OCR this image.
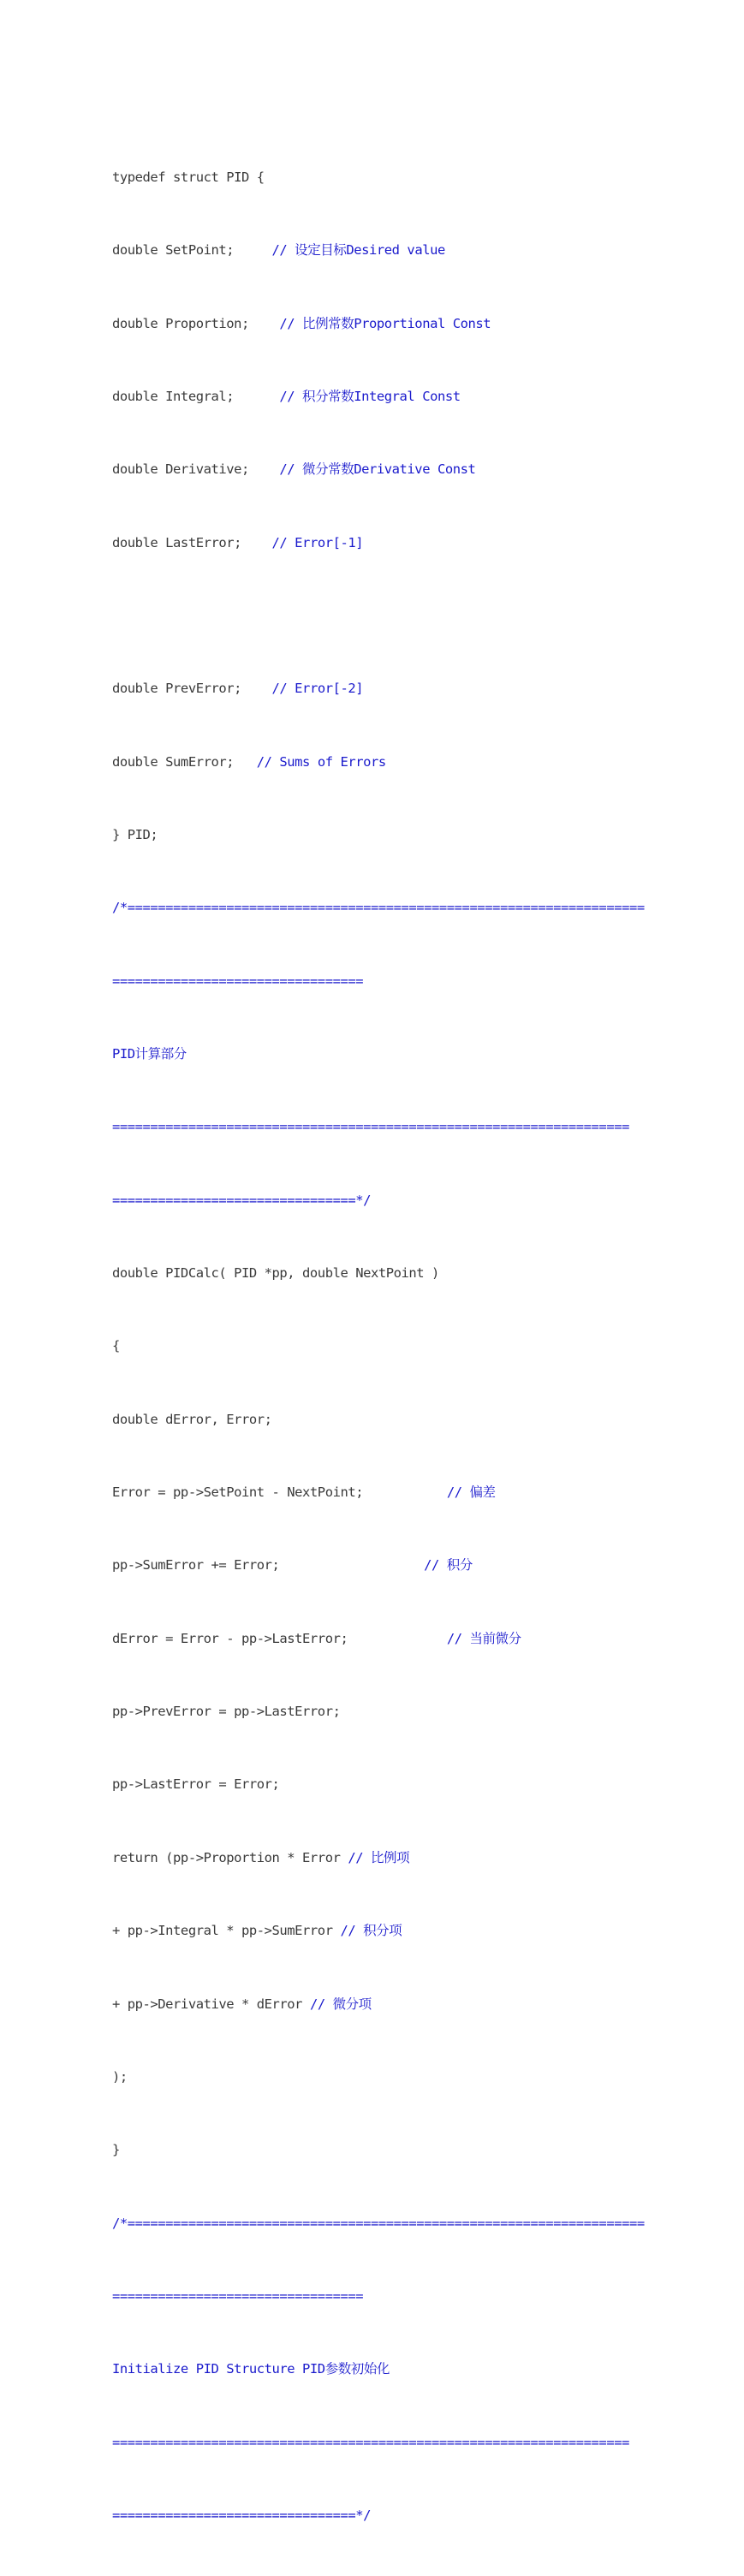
typedef struct PID {

double SetPoint;     // 设定目标Desired value

double Proportion;    // 比例常数Proportional Const

double Integral;      // 积分常数Integral Const

double Derivative;    // 微分常数Derivative Const

double LastError;    // Error[-1]

double PrevError;    // Error[-2]

double SumError;   // Sums of Errors

} PID;

/*====================================================================

=================================

PID计算部分

====================================================================

================================*/

double PIDCalc( PID *pp, double NextPoint )

{

double dError, Error;

Error = pp->SetPoint - NextPoint;           // 偏差

pp->SumError += Error;                   // 积分

dError = Error - pp->LastError;             // 当前微分

pp->PrevError = pp->LastError;

pp->LastError = Error;

return (pp->Proportion * Error // 比例项

+ pp->Integral * pp->SumError // 积分项

+ pp->Derivative * dError // 微分项

);

}

/*====================================================================

=================================

Initialize PID Structure PID参数初始化

====================================================================

================================*/
